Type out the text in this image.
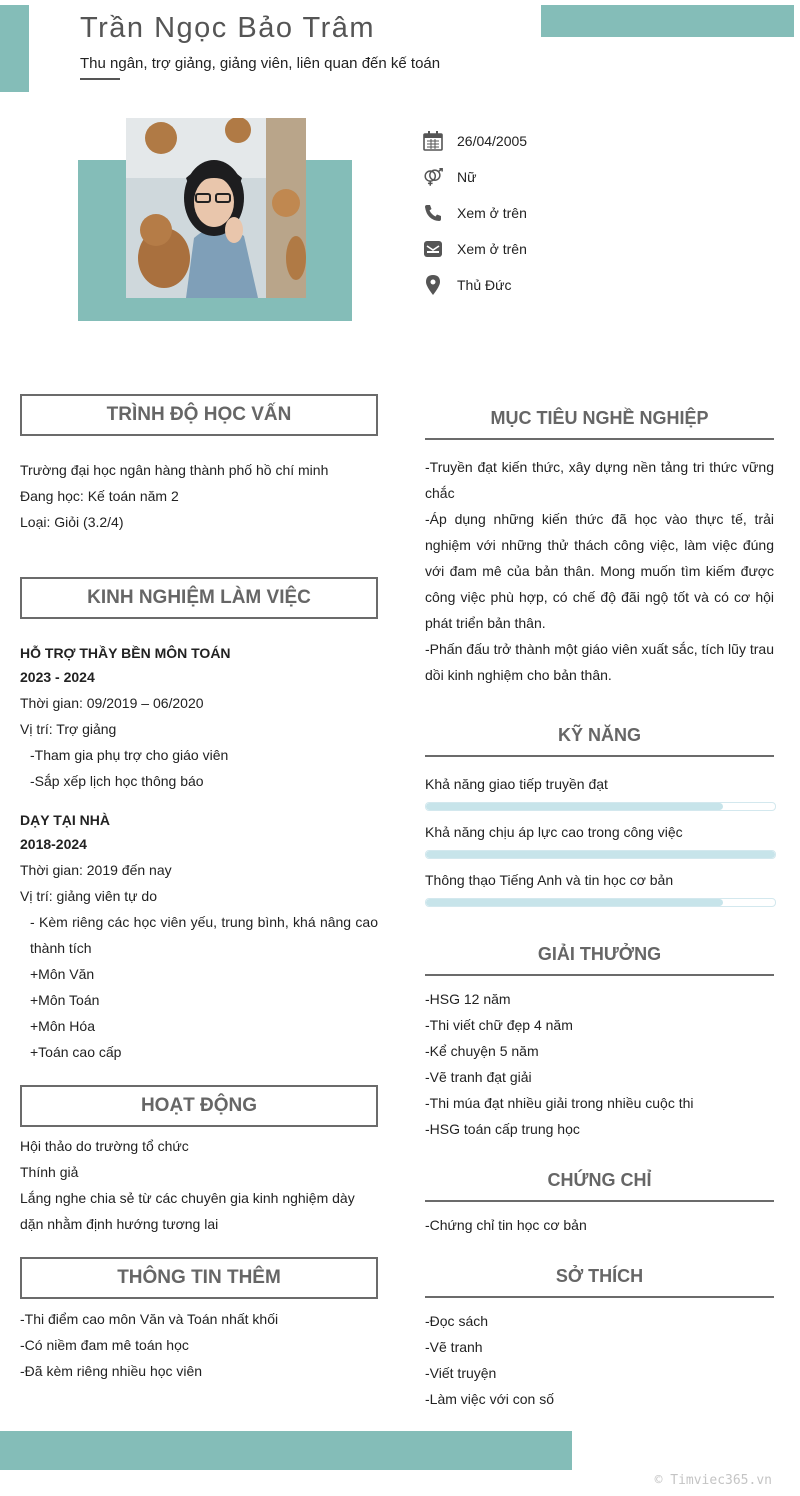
Trần Ngọc Bảo Trâm
Thu ngân, trợ giảng, giảng viên, liên quan đến kế toán
26/04/2005
Nữ
Xem ở trên
Xem ở trên
Thủ Đức
TRÌNH ĐỘ HỌC VẤN
Trường đại học ngân hàng thành phố hồ chí minh
Đang học: Kế toán năm 2
Loại: Giỏi (3.2/4)
KINH NGHIỆM LÀM VIỆC
HỖ TRỢ THẦY BỀN MÔN TOÁN
2023 - 2024
Thời gian: 09/2019 – 06/2020
Vị trí: Trợ giảng
-Tham gia phụ trợ cho giáo viên
-Sắp xếp lịch học thông báo
DẠY TẠI NHÀ
2018-2024
Thời gian: 2019 đến nay
Vị trí: giảng viên tự do
- Kèm riêng các học viên yếu, trung bình, khá nâng cao thành tích
+Môn Văn
+Môn Toán
+Môn Hóa
+Toán cao cấp
HOẠT ĐỘNG
Hội thảo do trường tổ chức
Thính giả
Lắng nghe chia sẻ từ các chuyên gia kinh nghiệm dày dặn nhằm định hướng tương lai
THÔNG TIN THÊM
-Thi điểm cao môn Văn và Toán nhất khối
-Có niềm đam mê toán học
-Đã kèm riêng nhiều học viên
MỤC TIÊU NGHỀ NGHIỆP
-Truyền đạt kiến thức, xây dựng nền tảng tri thức vững chắc
-Áp dụng những kiến thức đã học vào thực tế, trải nghiệm với những thử thách công việc, làm việc đúng với đam mê của bản thân. Mong muốn tìm kiếm được công việc phù hợp, có chế độ đãi ngộ tốt và có cơ hội phát triển bản thân.
-Phấn đấu trở thành một giáo viên xuất sắc, tích lũy trau dồi kinh nghiệm cho bản thân.
KỸ NĂNG
Khả năng giao tiếp truyền đạt
Khả năng chịu áp lực cao trong công việc
Thông thạo Tiếng Anh và tin học cơ bản
GIẢI THƯỞNG
-HSG 12 năm
-Thi viết chữ đẹp 4 năm
-Kể chuyện 5 năm
-Vẽ tranh đạt giải
-Thi múa đạt nhiều giải trong nhiều cuộc thi
-HSG toán cấp trung học
CHỨNG CHỈ
-Chứng chỉ tin học cơ bản
SỞ THÍCH
-Đọc sách
-Vẽ tranh
-Viết truyện
-Làm việc với con số
© Timviec365.vn
